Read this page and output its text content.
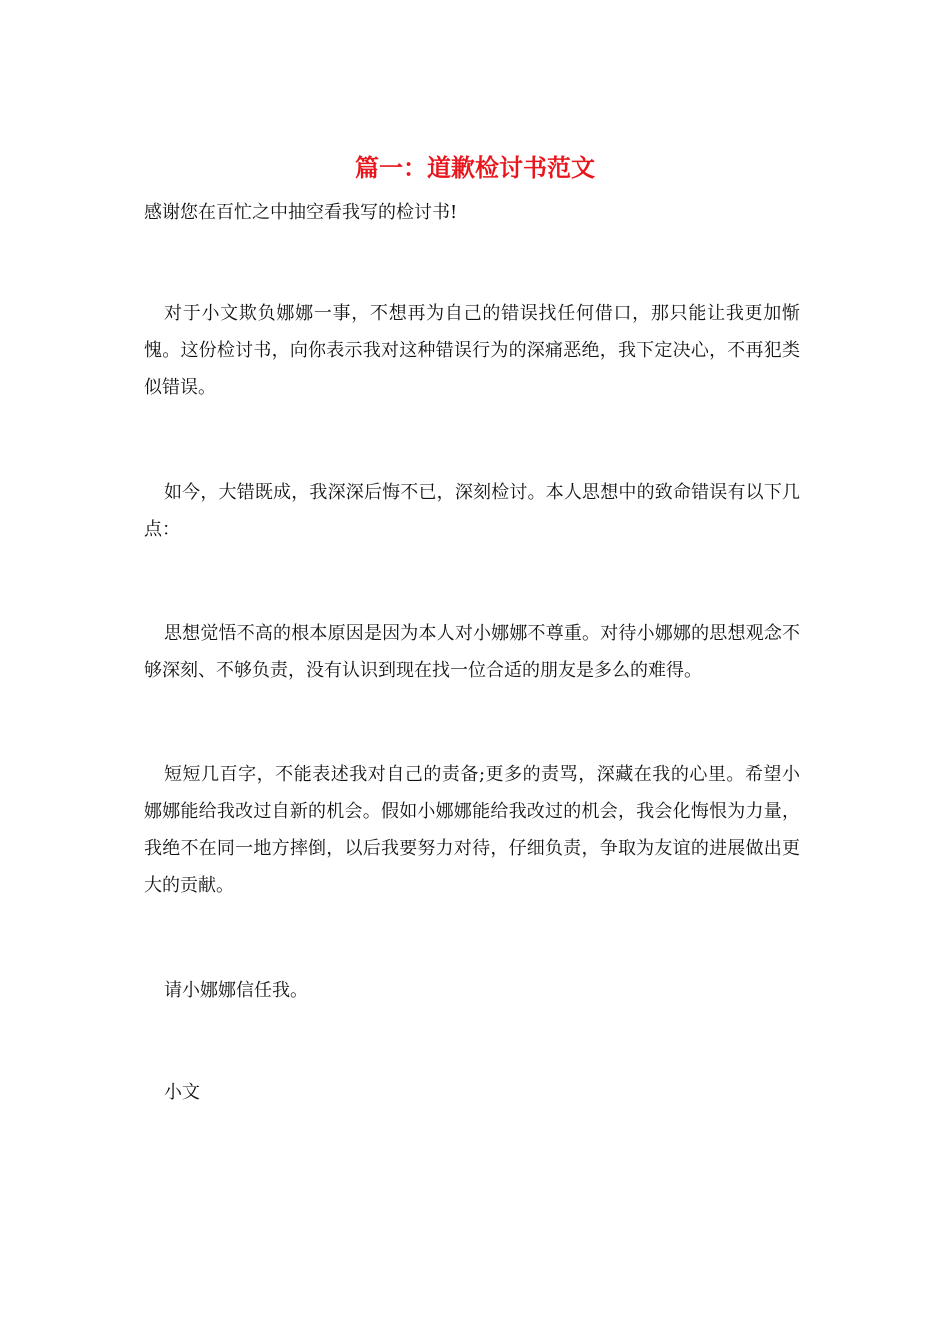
篇一：道歉检讨书范文

感谢您在百忙之中抽空看我写的检讨书!

对于小文欺负娜娜一事，不想再为自己的错误找任何借口，那只能让我更加惭愧。这份检讨书，向你表示我对这种错误行为的深痛恶绝，我下定决心，不再犯类似错误。

如今，大错既成，我深深后悔不已，深刻检讨。本人思想中的致命错误有以下几点：

思想觉悟不高的根本原因是因为本人对小娜娜不尊重。对待小娜娜的思想观念不够深刻、不够负责，没有认识到现在找一位合适的朋友是多么的难得。

短短几百字，不能表述我对自己的责备;更多的责骂，深藏在我的心里。希望小娜娜能给我改过自新的机会。假如小娜娜能给我改过的机会，我会化悔恨为力量，我绝不在同一地方摔倒，以后我要努力对待，仔细负责，争取为友谊的进展做出更大的贡献。

请小娜娜信任我。

小文
